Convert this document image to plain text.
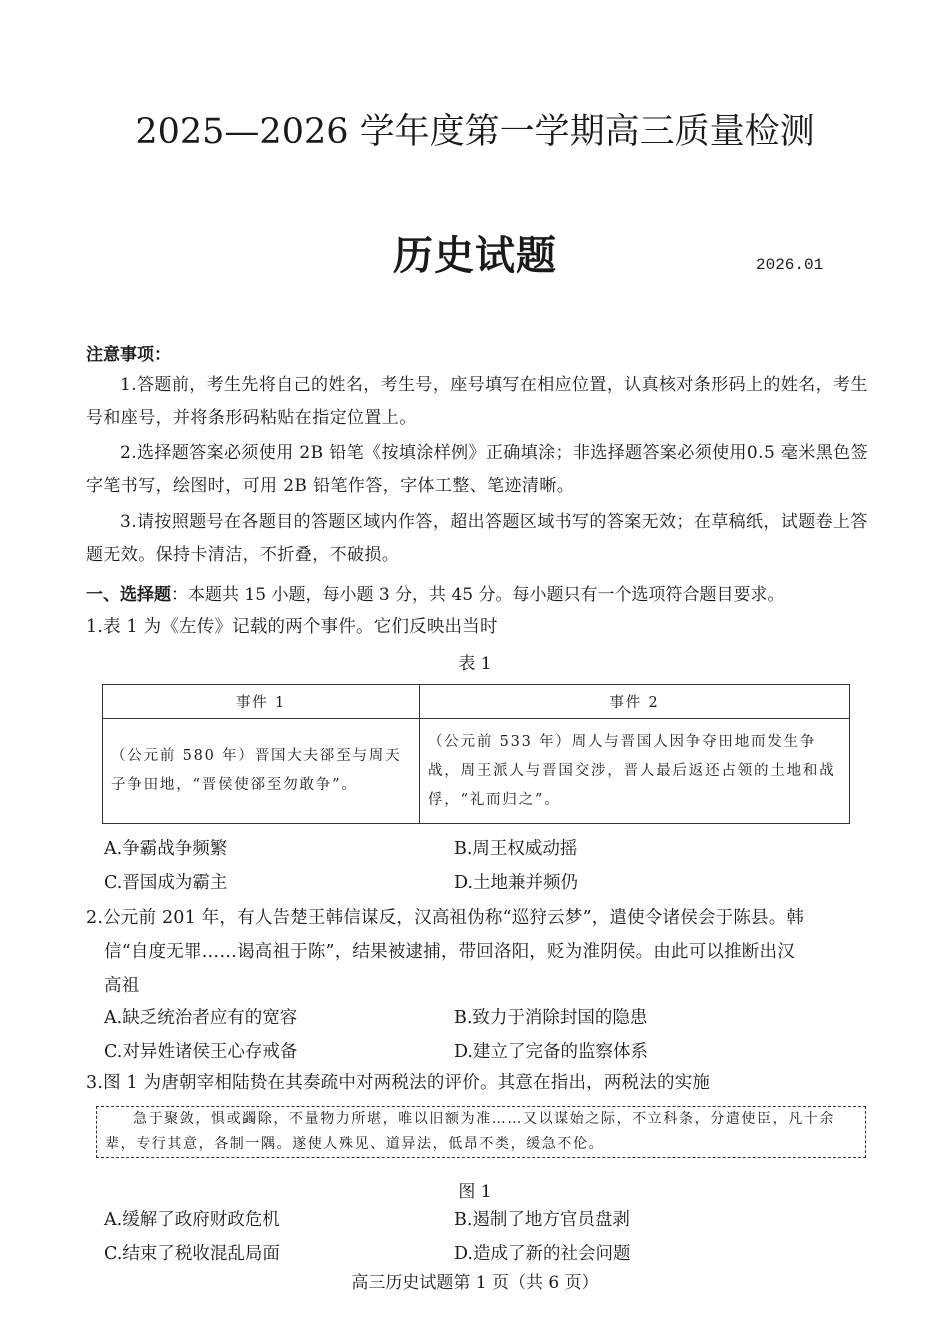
2025—2026 学年度第一学期高三质量检测
历史试题	2026.01
注意事项：
1.答题前，考生先将自己的姓名，考生号，座号填写在相应位置，认真核对条形码上的姓名，考生号和座号，并将条形码粘贴在指定位置上。
2.选择题答案必须使用 2B 铅笔《按填涂样例》正确填涂；非选择题答案必须使用0.5 毫米黑色签字笔书写，绘图时，可用 2B 铅笔作答，字体工整、笔迹清晰。
3.请按照题号在各题目的答题区域内作答，超出答题区域书写的答案无效；在草稿纸，试题卷上答题无效。保持卡清洁，不折叠，不破损。
一、选择题：本题共 15 小题，每小题 3 分，共 45 分。每小题只有一个选项符合题目要求。
1.表 1 为《左传》记载的两个事件。它们反映出当时
表 1
事件 1	事件 2
（公元前 580 年）晋国大夫郤至与周天子争田地，“晋侯使郤至勿敢争”。	（公元前 533 年）周人与晋国人因争夺田地而发生争战，周王派人与晋国交涉，晋人最后返还占领的土地和战俘，“礼而归之”。
A.争霸战争频繁	B.周王权威动摇
C.晋国成为霸主	D.土地兼并频仍
2.公元前 201 年，有人告楚王韩信谋反，汉高祖伪称“巡狩云梦”，遣使令诸侯会于陈县。韩
信“自度无罪……谒高祖于陈”，结果被逮捕，带回洛阳，贬为淮阴侯。由此可以推断出汉
高祖
A.缺乏统治者应有的宽容	B.致力于消除封国的隐患
C.对异姓诸侯王心存戒备	D.建立了完备的监察体系
3.图 1 为唐朝宰相陆贽在其奏疏中对两税法的评价。其意在指出，两税法的实施
急于聚敛，惧或蠲除，不量物力所堪，唯以旧额为准……又以谋始之际，不立科条，分遣使臣，凡十余辈，专行其意，各制一隅。遂使人殊见、道异法，低昂不类，缓急不伦。
图 1
A.缓解了政府财政危机	B.遏制了地方官员盘剥
C.结束了税收混乱局面	D.造成了新的社会问题
高三历史试题第 1 页（共 6 页）
